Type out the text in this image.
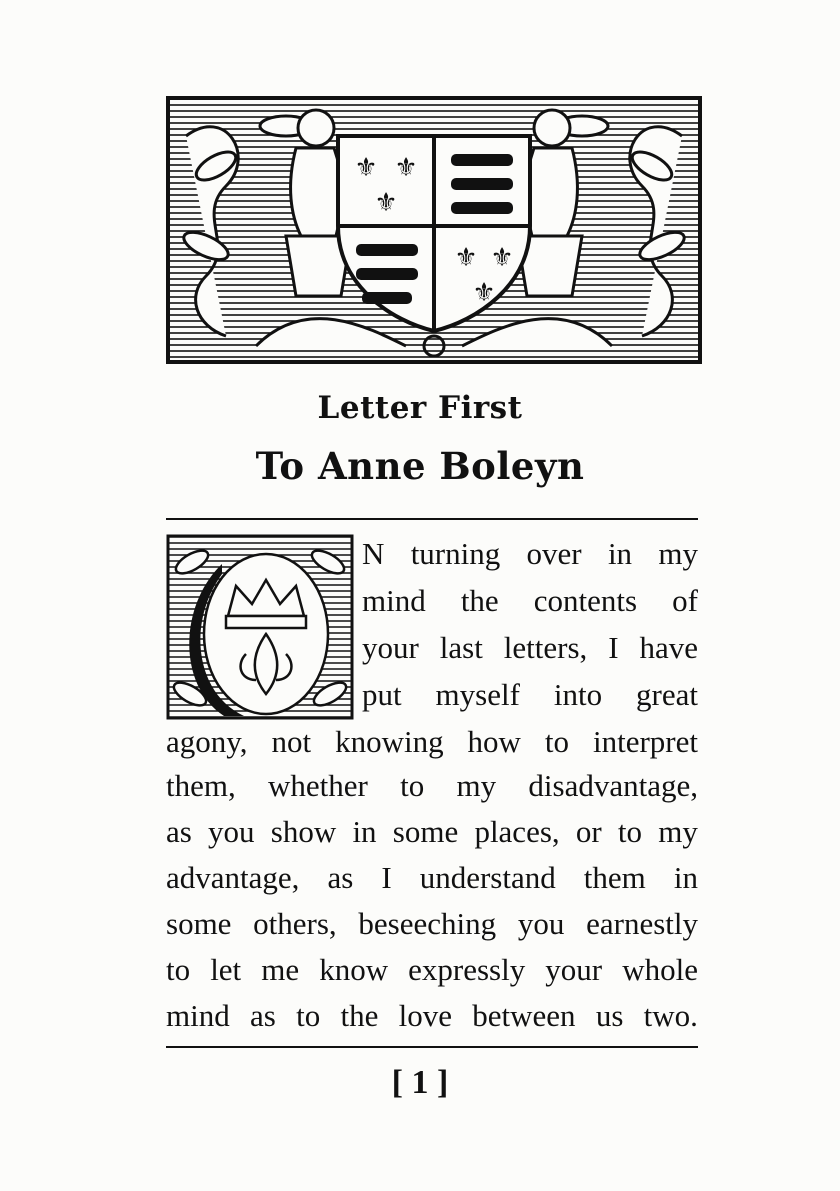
⚜ ⚜
⚜
⚜ ⚜
⚜
Letter First
To Anne Boleyn
O
N turning over in my
mind the contents of
your last letters, I have
put myself into great
agony, not knowing how to interpret
them, whether to my disadvantage,
as you show in some places, or to my
advantage, as I understand them in
some others, beseeching you earnestly
to let me know expressly your whole
mind as to the love between us two.
[ 1 ]
